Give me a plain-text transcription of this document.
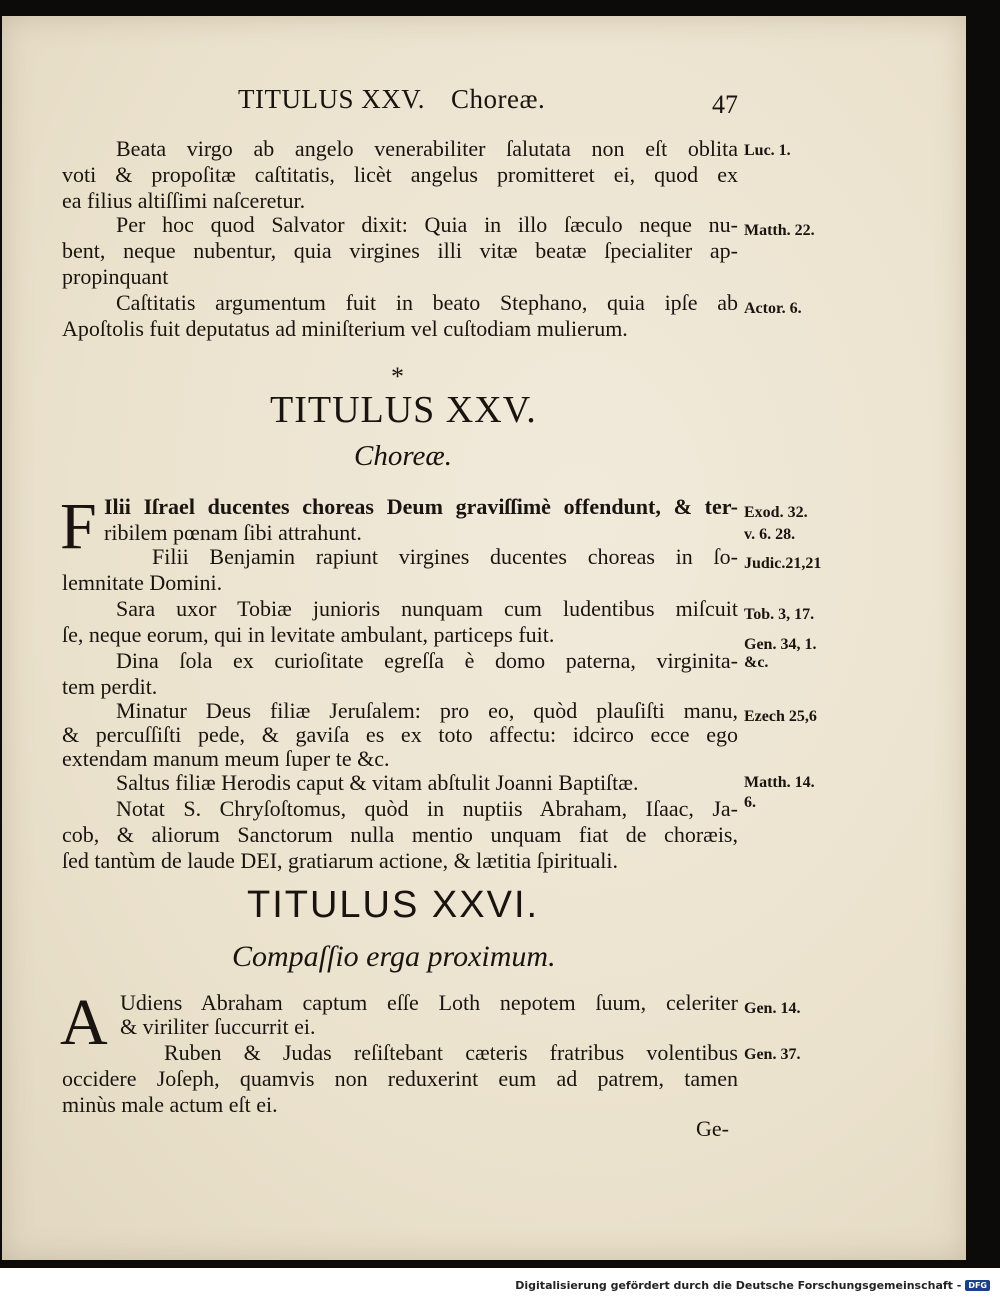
TITULUS XXV. Choreæ.	47
Beata virgo ab angelo venerabiliter ſalutata non eſt oblita
voti & propoſitæ caſtitatis, licèt angelus promitteret ei, quod ex
ea filius altiſſimi naſceretur.
Per hoc quod Salvator dixit: Quia in illo ſæculo neque nu-
bent, neque nubentur, quia virgines illi vitæ beatæ ſpecialiter ap-
propinquant
Caſtitatis argumentum fuit in beato Stephano, quia ipſe ab
Apoſtolis fuit deputatus ad miniſterium vel cuſtodiam mulierum.
Luc. 1.
Matth. 22.
Actor. 6.
*
TITULUS XXV.
Choreæ.
F Ilii Iſrael ducentes choreas Deum graviſſimè offendunt, & ter-
ribilem pœnam ſibi attrahunt.
Filii Benjamin rapiunt virgines ducentes choreas in ſo-
lemnitate Domini.
Sara uxor Tobiæ junioris nunquam cum ludentibus miſcuit
ſe, neque eorum, qui in levitate ambulant, particeps fuit.
Dina ſola ex curioſitate egreſſa è domo paterna, virginita-
tem perdit.
Minatur Deus filiæ Jeruſalem: pro eo, quòd plauſiſti manu,
& percuſſiſti pede, & gaviſa es ex toto affectu: idcirco ecce ego
extendam manum meum ſuper te &c.
Saltus filiæ Herodis caput & vitam abſtulit Joanni Baptiſtæ.
Notat S. Chryſoſtomus, quòd in nuptiis Abraham, Iſaac, Ja-
cob, & aliorum Sanctorum nulla mentio unquam fiat de choræis,
ſed tantùm de laude DEI, gratiarum actione, & lætitia ſpirituali.
Exod. 32.
v. 6. 28.
Judic.21,21
Tob. 3, 17.
Gen. 34, 1.
&c.
Ezech 25,6
Matth. 14.
6.
TITULUS XXVI.
Compaſſio erga proximum.
A Udiens Abraham captum eſſe Loth nepotem ſuum, celeriter
& viriliter ſuccurrit ei.
Ruben & Judas reſiſtebant cæteris fratribus volentibus
occidere Joſeph, quamvis non reduxerint eum ad patrem, tamen
minùs male actum eſt ei.
Gen. 14.
Gen. 37.
Ge-
Digitalisierung gefördert durch die Deutsche Forschungsgemeinschaft - DFG
